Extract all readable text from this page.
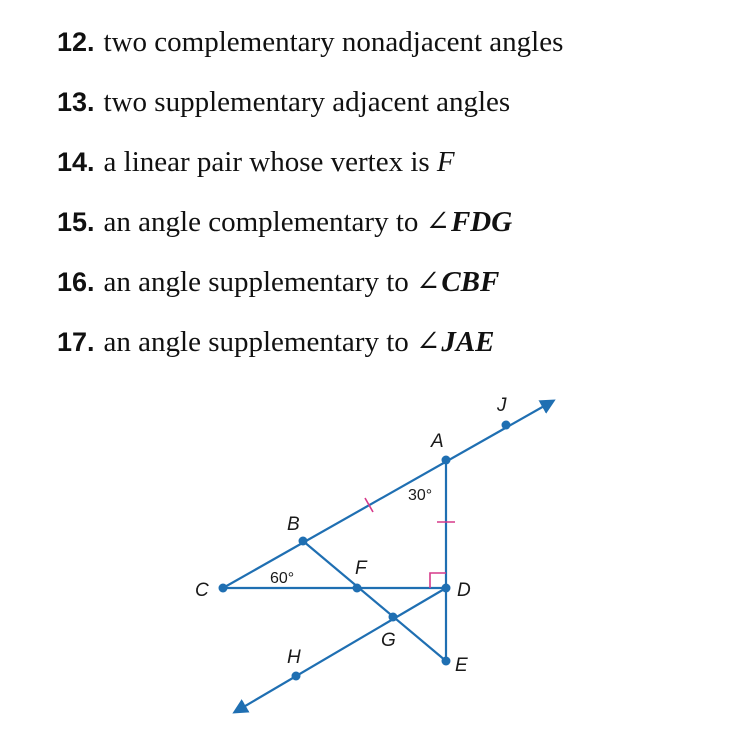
12. two complementary nonadjacent angles
13. two supplementary adjacent angles
14. a linear pair whose vertex is F
15. an angle complementary to ∠FDG
16. an angle supplementary to ∠CBF
17. an angle supplementary to ∠JAE
A
J
B
C
F
D
G
E
H
60°
30°
